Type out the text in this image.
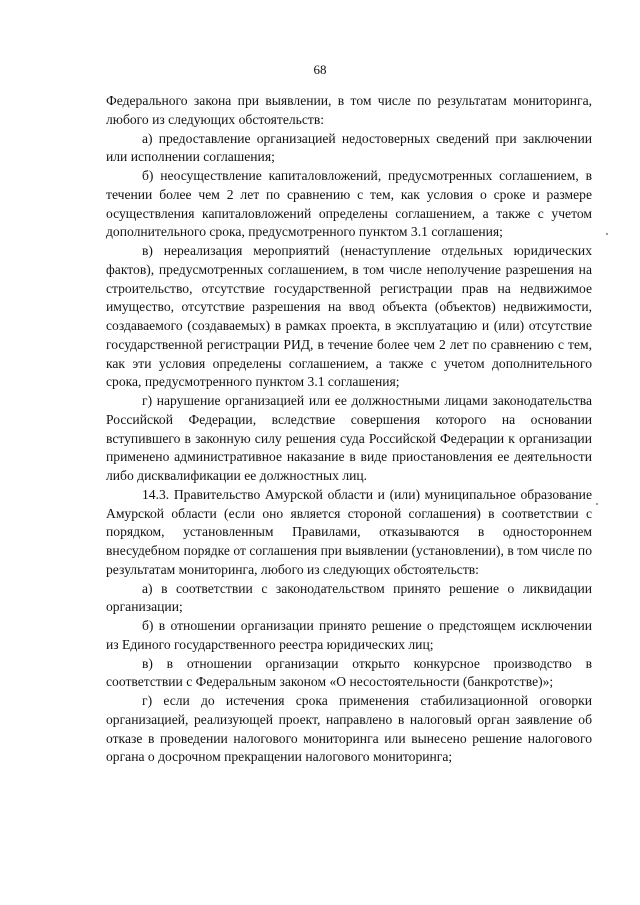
68

Федерального закона при выявлении, в том числе по результатам мониторинга, любого из следующих обстоятельств:

а) предоставление организацией недостоверных сведений при заключении или исполнении соглашения;

б) неосуществление капиталовложений, предусмотренных соглашением, в течении более чем 2 лет по сравнению с тем, как условия о сроке и размере осуществления капиталовложений определены соглашением, а также с учетом дополнительного срока, предусмотренного пунктом 3.1 соглашения;

в) нереализация мероприятий (ненаступление отдельных юридических фактов), предусмотренных соглашением, в том числе неполучение разрешения на строительство, отсутствие государственной регистрации прав на недвижимое имущество, отсутствие разрешения на ввод объекта (объектов) недвижимости, создаваемого (создаваемых) в рамках проекта, в эксплуатацию и (или) отсутствие государственной регистрации РИД, в течение более чем 2 лет по сравнению с тем, как эти условия определены соглашением, а также с учетом дополнительного срока, предусмотренного пунктом 3.1 соглашения;

г) нарушение организацией или ее должностными лицами законодательства Российской Федерации, вследствие совершения которого на основании вступившего в законную силу решения суда Российской Федерации к организации применено административное наказание в виде приостановления ее деятельности либо дисквалификации ее должностных лиц.

14.3. Правительство Амурской области и (или) муниципальное образование Амурской области (если оно является стороной соглашения) в соответствии с порядком, установленным Правилами, отказываются в одностороннем внесудебном порядке от соглашения при выявлении (установлении), в том числе по результатам мониторинга, любого из следующих обстоятельств:

а) в соответствии с законодательством принято решение о ликвидации организации;

б) в отношении организации принято решение о предстоящем исключении из Единого государственного реестра юридических лиц;

в) в отношении организации открыто конкурсное производство в соответствии с Федеральным законом «О несостоятельности (банкротстве)»;

г) если до истечения срока применения стабилизационной оговорки организацией, реализующей проект, направлено в налоговый орган заявление об отказе в проведении налогового мониторинга или вынесено решение налогового органа о досрочном прекращении налогового мониторинга;
